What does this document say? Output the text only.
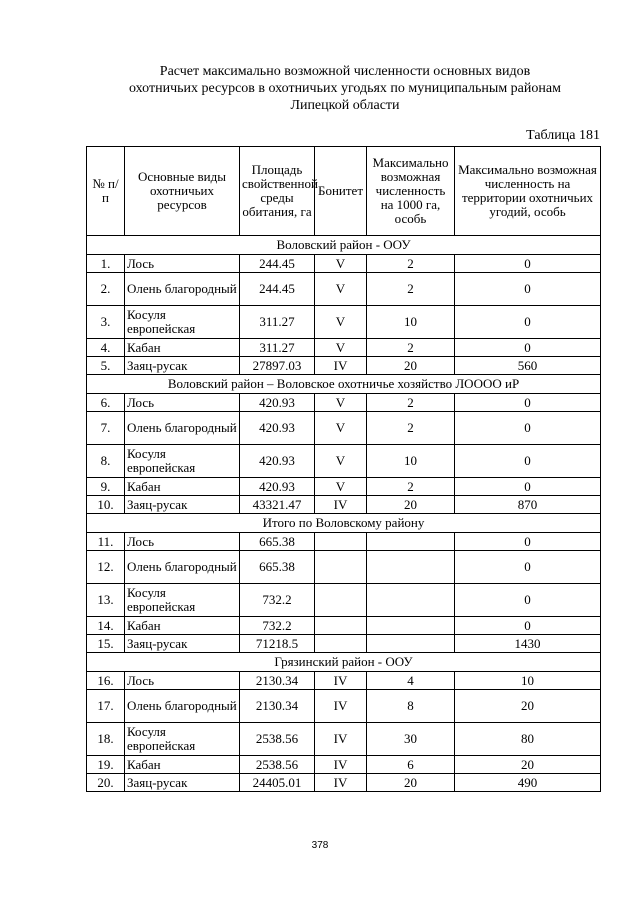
Расчет максимально возможной численности основных видов
охотничьих ресурсов в охотничьих угодьях по муниципальным районам
Липецкой области
Таблица 181
№ п/п	Основные виды охотничьих ресурсов	Площадь свойственной среды обитания, га	Бонитет	Максимально возможная численность на 1000 га, особь	Максимально возможная численность на территории охотничьих угодий, особь
Воловский район - ООУ					
1.	Лось	244.45	V	2	0
2.	Олень благородный	244.45	V	2	0
3.	Косуля европейская	311.27	V	10	0
4.	Кабан	311.27	V	2	0
5.	Заяц-русак	27897.03	IV	20	560
Воловский район – Воловское охотничье хозяйство ЛОООО иР					
6.	Лось	420.93	V	2	0
7.	Олень благородный	420.93	V	2	0
8.	Косуля европейская	420.93	V	10	0
9.	Кабан	420.93	V	2	0
10.	Заяц-русак	43321.47	IV	20	870
Итого по Воловскому району					
11.	Лось	665.38			0
12.	Олень благородный	665.38			0
13.	Косуля европейская	732.2			0
14.	Кабан	732.2			0
15.	Заяц-русак	71218.5			1430
Грязинский район - ООУ					
16.	Лось	2130.34	IV	4	10
17.	Олень благородный	2130.34	IV	8	20
18.	Косуля европейская	2538.56	IV	30	80
19.	Кабан	2538.56	IV	6	20
20.	Заяц-русак	24405.01	IV	20	490
378
